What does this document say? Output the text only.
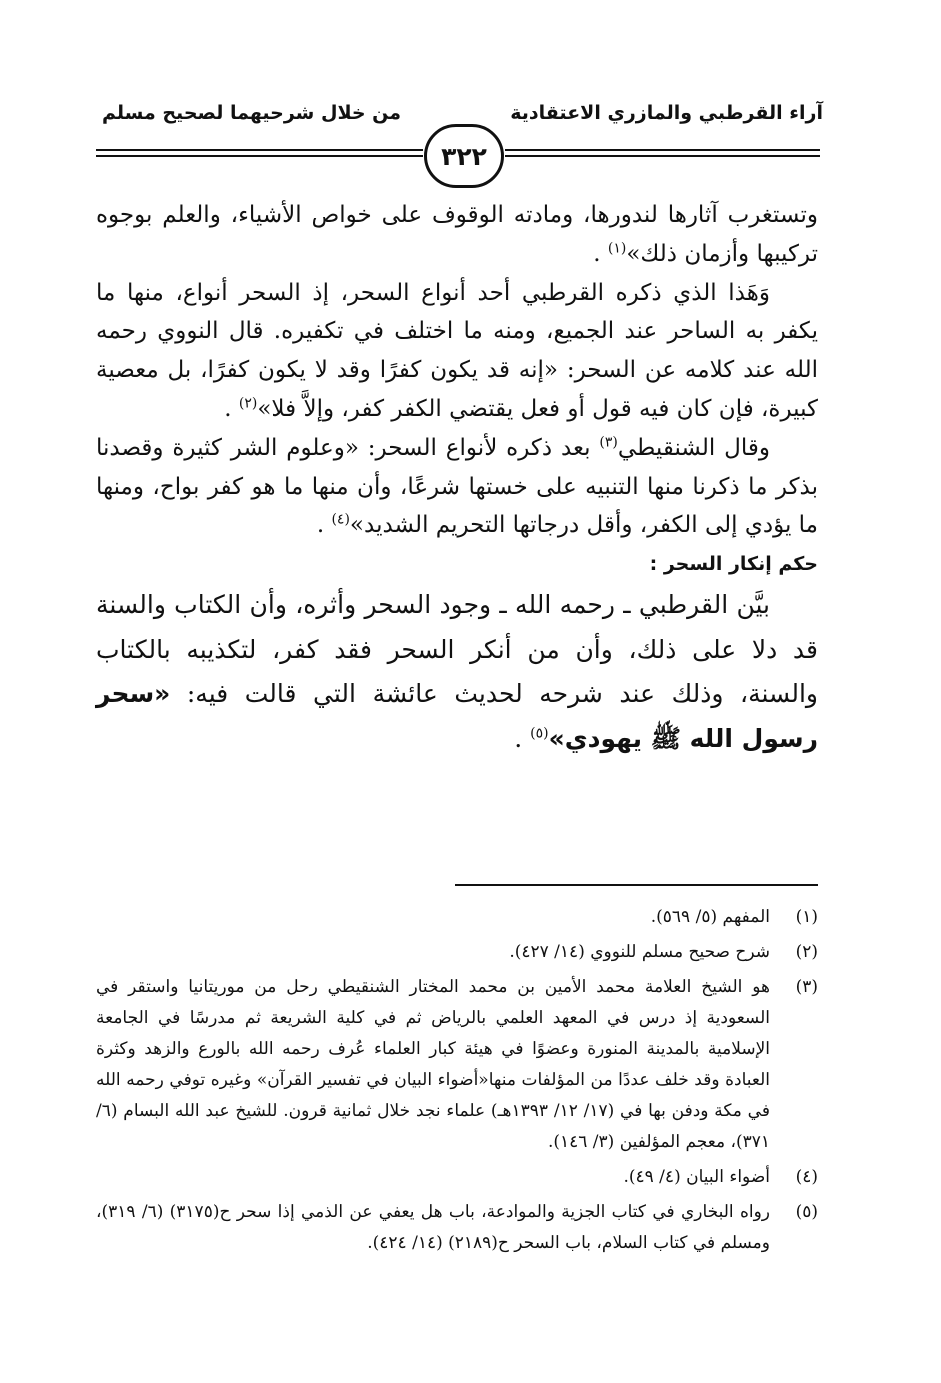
آراء القرطبي والمازري الاعتقادية
من خلال شرحيهما لصحيح مسلم
٣٢٢

وتستغرب آثارها لندورها، ومادته الوقوف على خواص الأشياء، والعلم بوجوه تركيبها وأزمان ذلك»$^{(١)}$ .

وَهَذا الذي ذكره القرطبي أحد أنواع السحر، إذ السحر أنواع، منها ما يكفر به الساحر عند الجميع، ومنه ما اختلف في تكفيره. قال النووي رحمه الله عند كلامه عن السحر: «إنه قد يكون كفرًا وقد لا يكون كفرًا، بل معصية كبيرة، فإن كان فيه قول أو فعل يقتضي الكفر كفر، وإلاَّ فلا»$^{(٢)}$ .

وقال الشنقيطي$^{(٣)}$ بعد ذكره لأنواع السحر: «وعلوم الشر كثيرة وقصدنا بذكر ما ذكرنا منها التنبيه على خستها شرعًا، وأن منها ما هو كفر بواح، ومنها ما يؤدي إلى الكفر، وأقل درجاتها التحريم الشديد»$^{(٤)}$ .

حكم إنكار السحر :

بيَّن القرطبي ـ رحمه الله ـ وجود السحر وأثره، وأن الكتاب والسنة قد دلا على ذلك، وأن من أنكر السحر فقد كفر، لتكذيبه بالكتاب والسنة، وذلك عند شرحه لحديث عائشة التي قالت فيه: «سحر رسول الله ﷺ يهودي»$^{(٥)}$ .

(١)
المفهم (٥/ ٥٦٩).
(٢)
شرح صحيح مسلم للنووي (١٤/ ٤٢٧).
(٣)
هو الشيخ العلامة محمد الأمين بن محمد المختار الشنقيطي رحل من موريتانيا واستقر في السعودية إذ درس في المعهد العلمي بالرياض ثم في كلية الشريعة ثم مدرسًا في الجامعة الإسلامية بالمدينة المنورة وعضوًا في هيئة كبار العلماء عُرف رحمه الله بالورع والزهد وكثرة العبادة وقد خلف عددًا من المؤلفات منها«أضواء البيان في تفسير القرآن» وغيره توفي رحمه الله في مكة ودفن بها في (١٧/ ١٢/ ١٣٩٣هـ) علماء نجد خلال ثمانية قرون. للشيخ عبد الله البسام (٦/ ٣٧١)، معجم المؤلفين (٣/ ١٤٦).
(٤)
أضواء البيان (٤/ ٤٩).
(٥)
رواه البخاري في كتاب الجزية والموادعة، باب هل يعفي عن الذمي إذا سحر ح(٣١٧٥) (٦/ ٣١٩)، ومسلم في كتاب السلام، باب السحر ح(٢١٨٩) (١٤/ ٤٢٤).
